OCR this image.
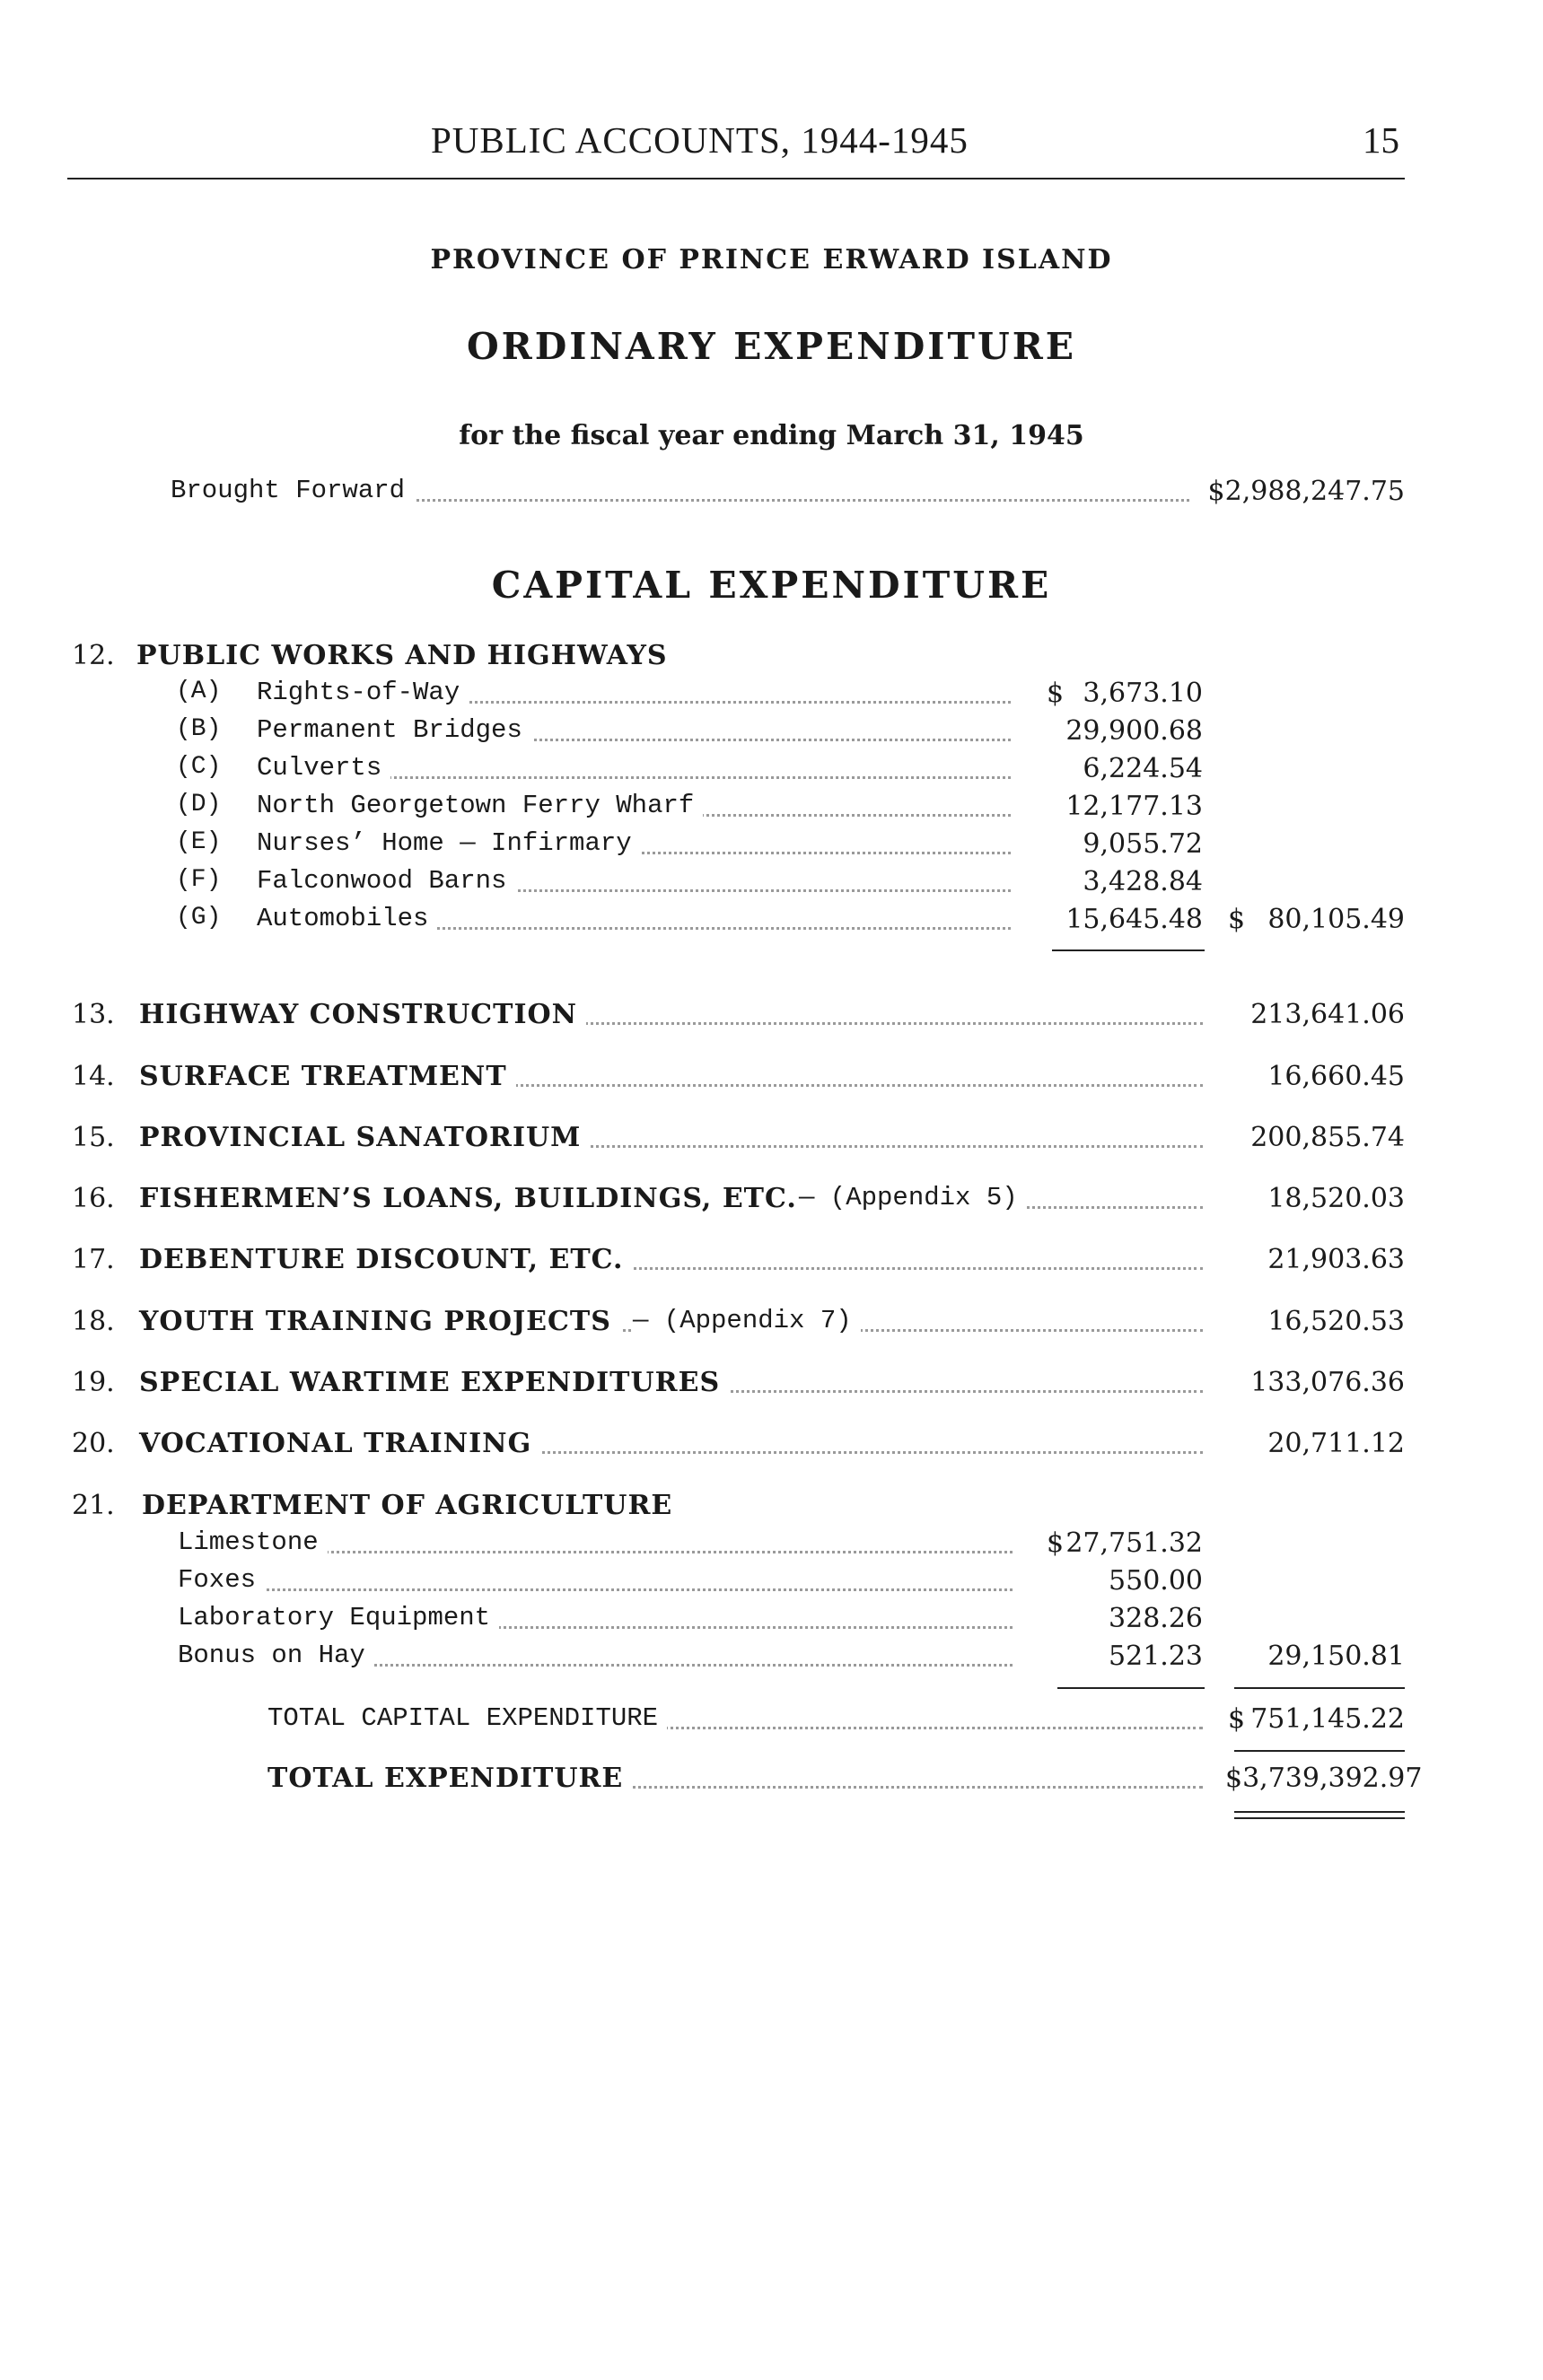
PUBLIC ACCOUNTS, 1944-1945	15
PROVINCE OF PRINCE ERWARD ISLAND
ORDINARY EXPENDITURE
for the fiscal year ending March 31, 1945
Brought Forward	$2,988,247.75
CAPITAL EXPENDITURE
12. PUBLIC WORKS AND HIGHWAYS
(A) Rights-of-Way	$ 3,673.10
(B) Permanent Bridges	29,900.68
(C) Culverts	6,224.54
(D) North Georgetown Ferry Wharf	12,177.13
(E) Nurses’ Home — Infirmary	9,055.72
(F) Falconwood Barns	3,428.84
(G) Automobiles	15,645.48 $ 80,105.49
13. HIGHWAY CONSTRUCTION	213,641.06
14. SURFACE TREATMENT	16,660.45
15. PROVINCIAL SANATORIUM	200,855.74
16. FISHERMEN’S LOANS, BUILDINGS, ETC. — (Appendix 5)	18,520.03
17. DEBENTURE DISCOUNT, ETC.	21,903.63
18. YOUTH TRAINING PROJECTS — (Appendix 7)	16,520.53
19. SPECIAL WARTIME EXPENDITURES	133,076.36
20. VOCATIONAL TRAINING	20,711.12
21.	DEPARTMENT OF AGRICULTURE
Limestone	$ 27,751.32
Foxes	550.00
Laboratory Equipment	328.26
Bonus on Hay	521.23	29,150.81
TOTAL CAPITAL EXPENDITURE	$ 751,145.22
TOTAL EXPENDITURE	$3,739,392.97
